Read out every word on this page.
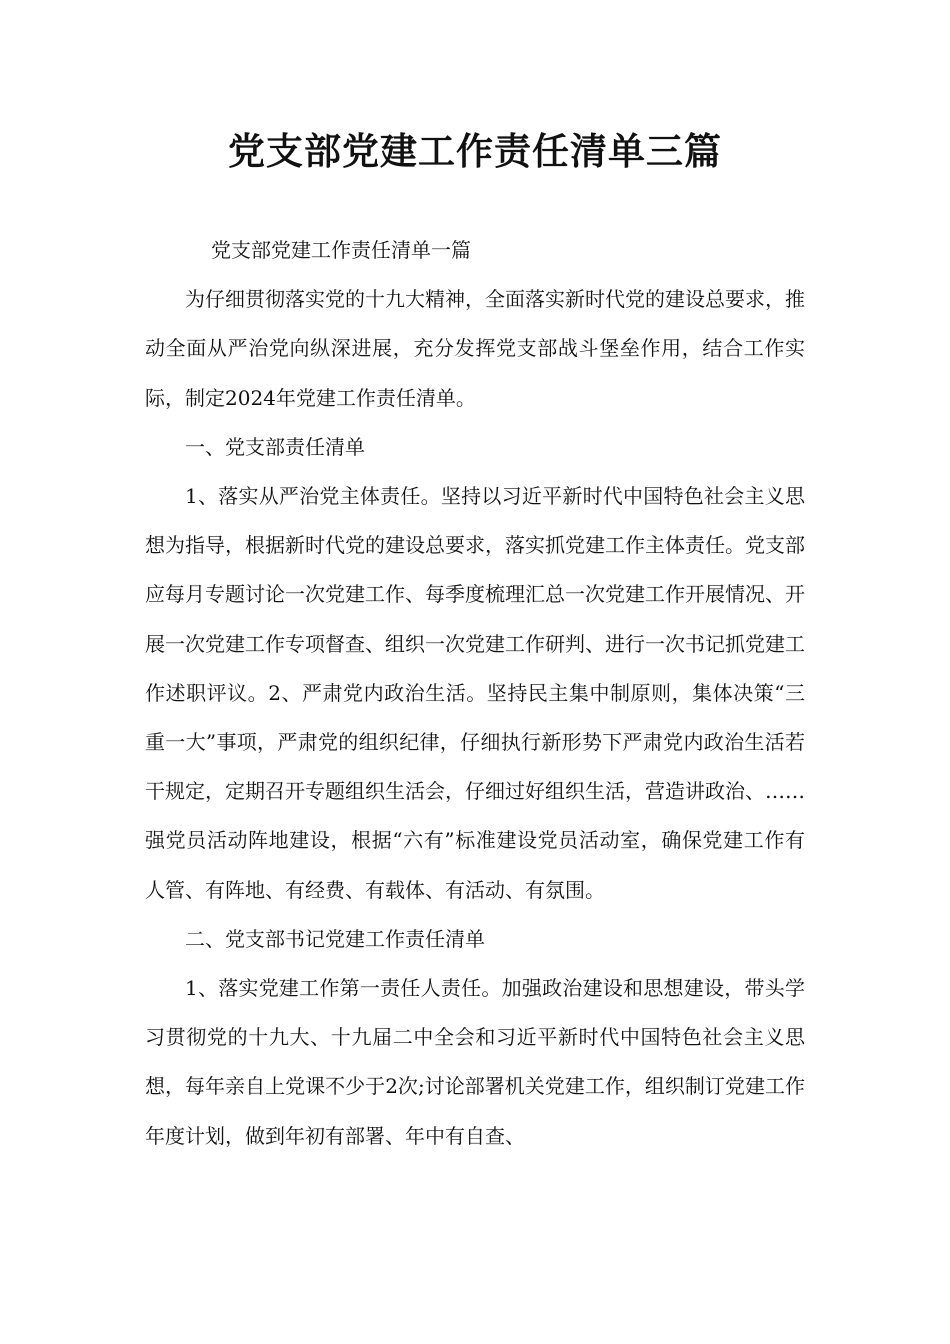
党支部党建工作责任清单三篇

党支部党建工作责任清单一篇

为仔细贯彻落实党的十九大精神，全面落实新时代党的建设总要求，推动全面从严治党向纵深进展，充分发挥党支部战斗堡垒作用，结合工作实际，制定2024年党建工作责任清单。

一、党支部责任清单

1、落实从严治党主体责任。坚持以习近平新时代中国特色社会主义思想为指导，根据新时代党的建设总要求，落实抓党建工作主体责任。党支部应每月专题讨论一次党建工作、每季度梳理汇总一次党建工作开展情况、开展一次党建工作专项督查、组织一次党建工作研判、进行一次书记抓党建工作述职评议。2、严肃党内政治生活。坚持民主集中制原则，集体决策“三重一大”事项，严肃党的组织纪律，仔细执行新形势下严肃党内政治生活若干规定，定期召开专题组织生活会，仔细过好组织生活，营造讲政治、……强党员活动阵地建设，根据“六有”标准建设党员活动室，确保党建工作有人管、有阵地、有经费、有载体、有活动、有氛围。

二、党支部书记党建工作责任清单

1、落实党建工作第一责任人责任。加强政治建设和思想建设，带头学习贯彻党的十九大、十九届二中全会和习近平新时代中国特色社会主义思想，每年亲自上党课不少于2次;讨论部署机关党建工作，组织制订党建工作年度计划，做到年初有部署、年中有自查、
